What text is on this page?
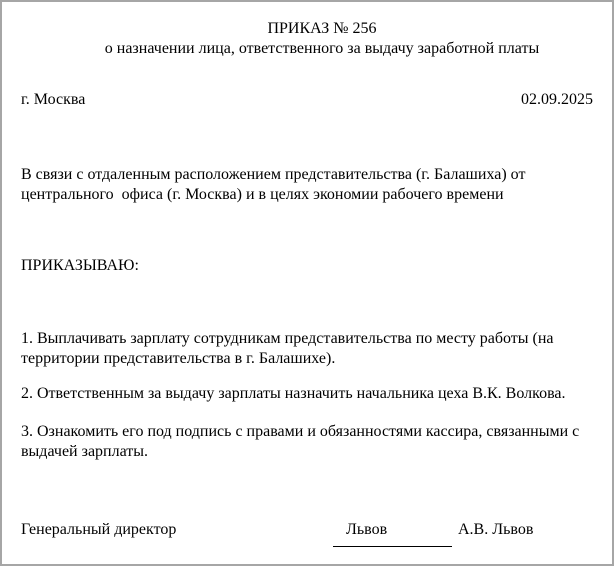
ПРИКАЗ № 256
о назначении лица, ответственного за выдачу заработной платы
г. Москва	02.09.2025
В связи с отдаленным расположением представительства (г. Балашиха) от
центрального  офиса (г. Москва) и в целях экономии рабочего времени
ПРИКАЗЫВАЮ:
1. Выплачивать зарплату сотрудникам представительства по месту работы (на
территории представительства в г. Балашихе).
2. Ответственным за выдачу зарплаты назначить начальника цеха В.К. Волкова.
3. Ознакомить его под подпись с правами и обязанностями кассира, связанными с
выдачей зарплаты.
Генеральный директор	Львов	А.В. Львов
